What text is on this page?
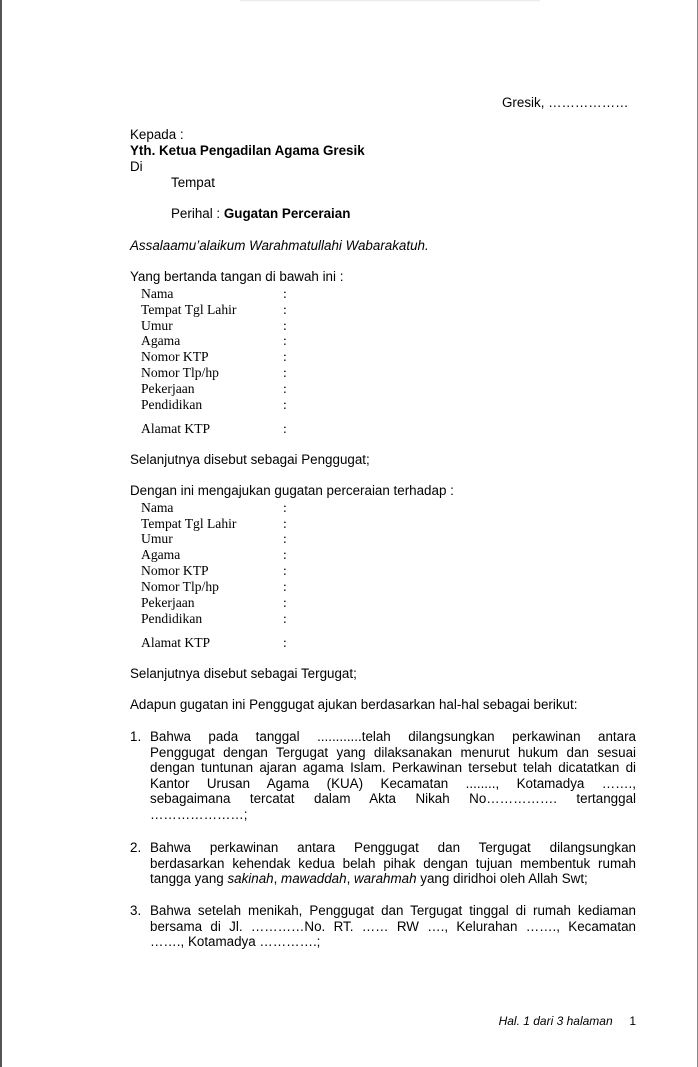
Gresik, ………………
Kepada :
Yth. Ketua Pengadilan Agama Gresik
Di
Tempat
Perihal : Gugatan Perceraian
Assalaamu’alaikum Warahmatullahi Wabarakatuh.
Yang bertanda tangan di bawah ini :
Nama	:
Tempat Tgl Lahir	:
Umur	:
Agama	:
Nomor KTP	:
Nomor Tlp/hp	:
Pekerjaan	:
Pendidikan	:
Alamat KTP	:
Selanjutnya disebut sebagai Penggugat;
Dengan ini mengajukan gugatan perceraian terhadap :
Nama	:
Tempat Tgl Lahir	:
Umur	:
Agama	:
Nomor KTP	:
Nomor Tlp/hp	:
Pekerjaan	:
Pendidikan	:
Alamat KTP	:
Selanjutnya disebut sebagai Tergugat;
Adapun gugatan ini Penggugat ajukan berdasarkan hal-hal sebagai berikut:
1. Bahwa pada tanggal ............telah dilangsungkan perkawinan antara
Penggugat dengan Tergugat yang dilaksanakan menurut hukum dan sesuai
dengan tuntunan ajaran agama Islam. Perkawinan tersebut telah dicatatkan di
Kantor Urusan Agama (KUA) Kecamatan ........, Kotamadya …….,
sebagaimana tercatat dalam Akta Nikah No……………. tertanggal
…………………;
2. Bahwa perkawinan antara Penggugat dan Tergugat dilangsungkan
berdasarkan kehendak kedua belah pihak dengan tujuan membentuk rumah
tangga yang sakinah, mawaddah, warahmah yang diridhoi oleh Allah Swt;
3. Bahwa setelah menikah, Penggugat dan Tergugat tinggal di rumah kediaman
bersama di Jl. …………No. RT. …… RW …., Kelurahan ……., Kecamatan
……., Kotamadya ………….;
Hal. 1 dari 3 halaman 1
